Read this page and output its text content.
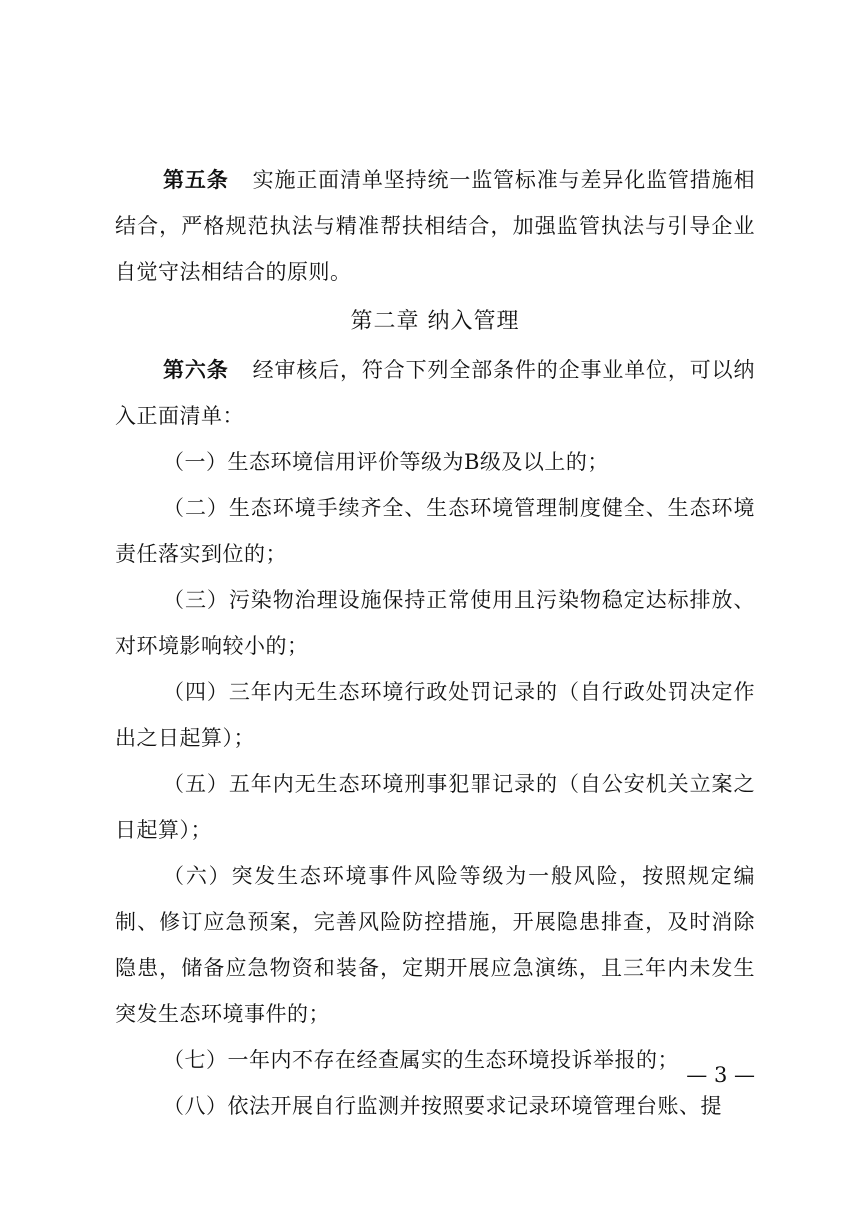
第五条 实施正面清单坚持统一监管标准与差异化监管措施相结合，严格规范执法与精准帮扶相结合，加强监管执法与引导企业自觉守法相结合的原则。

第二章 纳入管理

第六条 经审核后，符合下列全部条件的企事业单位，可以纳入正面清单：

（一）生态环境信用评价等级为B级及以上的；

（二）生态环境手续齐全、生态环境管理制度健全、生态环境责任落实到位的；

（三）污染物治理设施保持正常使用且污染物稳定达标排放、对环境影响较小的；

（四）三年内无生态环境行政处罚记录的（自行政处罚决定作出之日起算）；

（五）五年内无生态环境刑事犯罪记录的（自公安机关立案之日起算）；

（六）突发生态环境事件风险等级为一般风险，按照规定编制、修订应急预案，完善风险防控措施，开展隐患排查，及时消除隐患，储备应急物资和装备，定期开展应急演练，且三年内未发生突发生态环境事件的；

（七）一年内不存在经查属实的生态环境投诉举报的；

（八）依法开展自行监测并按照要求记录环境管理台账、提

— 3 —
